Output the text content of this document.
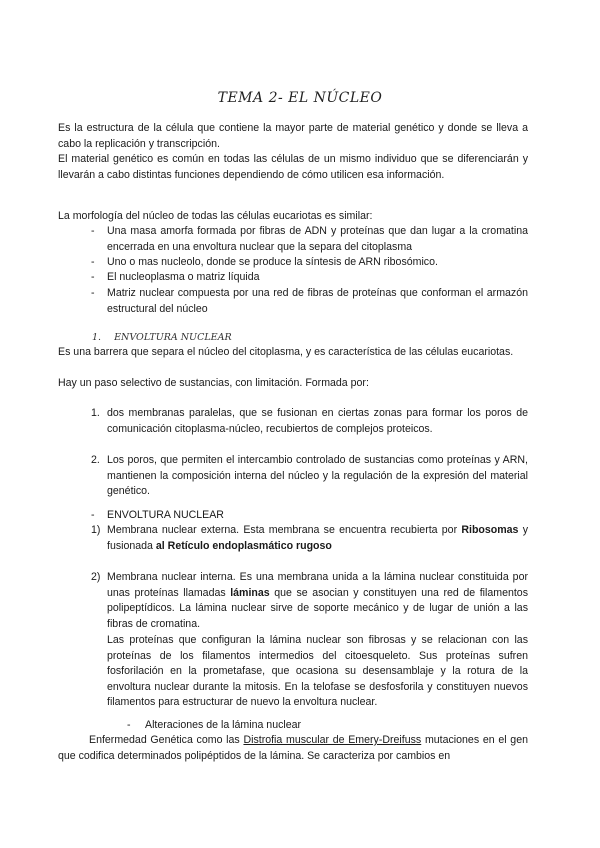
TEMA 2- EL NÚCLEO

Es la estructura de la célula que contiene la mayor parte de material genético y donde se lleva a cabo la replicación y transcripción.

El material genético es común en todas las células de un mismo individuo que se diferenciarán y llevarán a cabo distintas funciones dependiendo de cómo utilicen esa información.

La morfología del núcleo de todas las células eucariotas es similar:

- Una masa amorfa formada por fibras de ADN y proteínas que dan lugar a la cromatina encerrada en una envoltura nuclear que la separa del citoplasma

- Uno o mas nucleolo, donde se produce la síntesis de ARN ribosómico.

- El nucleoplasma o matriz líquida

- Matriz nuclear compuesta por una red de fibras de proteínas que conforman el armazón estructural del núcleo

1. ENVOLTURA NUCLEAR

Es una barrera que separa el núcleo del citoplasma, y es característica de las células eucariotas.

Hay un paso selectivo de sustancias, con limitación. Formada por:

1. dos membranas paralelas, que se fusionan en ciertas zonas para formar los poros de comunicación citoplasma-núcleo, recubiertos de complejos proteicos.

2. Los poros, que permiten el intercambio controlado de sustancias como proteínas y ARN, mantienen la composición interna del núcleo y la regulación de la expresión del material genético.

- ENVOLTURA NUCLEAR

1) Membrana nuclear externa. Esta membrana se encuentra recubierta por Ribosomas y fusionada al Retículo endoplasmático rugoso

2) Membrana nuclear interna. Es una membrana unida a la lámina nuclear constituida por unas proteínas llamadas láminas que se asocian y constituyen una red de filamentos polipeptídicos. La lámina nuclear sirve de soporte mecánico y de lugar de unión a las fibras de cromatina.

Las proteínas que configuran la lámina nuclear son fibrosas y se relacionan con las proteínas de los filamentos intermedios del citoesqueleto. Sus proteínas sufren fosforilación en la prometafase, que ocasiona su desensamblaje y la rotura de la envoltura nuclear durante la mitosis. En la telofase se desfosforila y constituyen nuevos filamentos para estructurar de nuevo la envoltura nuclear.

- Alteraciones de la lámina nuclear

Enfermedad Genética como las Distrofia muscular de Emery-Dreifuss mutaciones en el gen que codifica determinados polipéptidos de la lámina. Se caracteriza por cambios en
